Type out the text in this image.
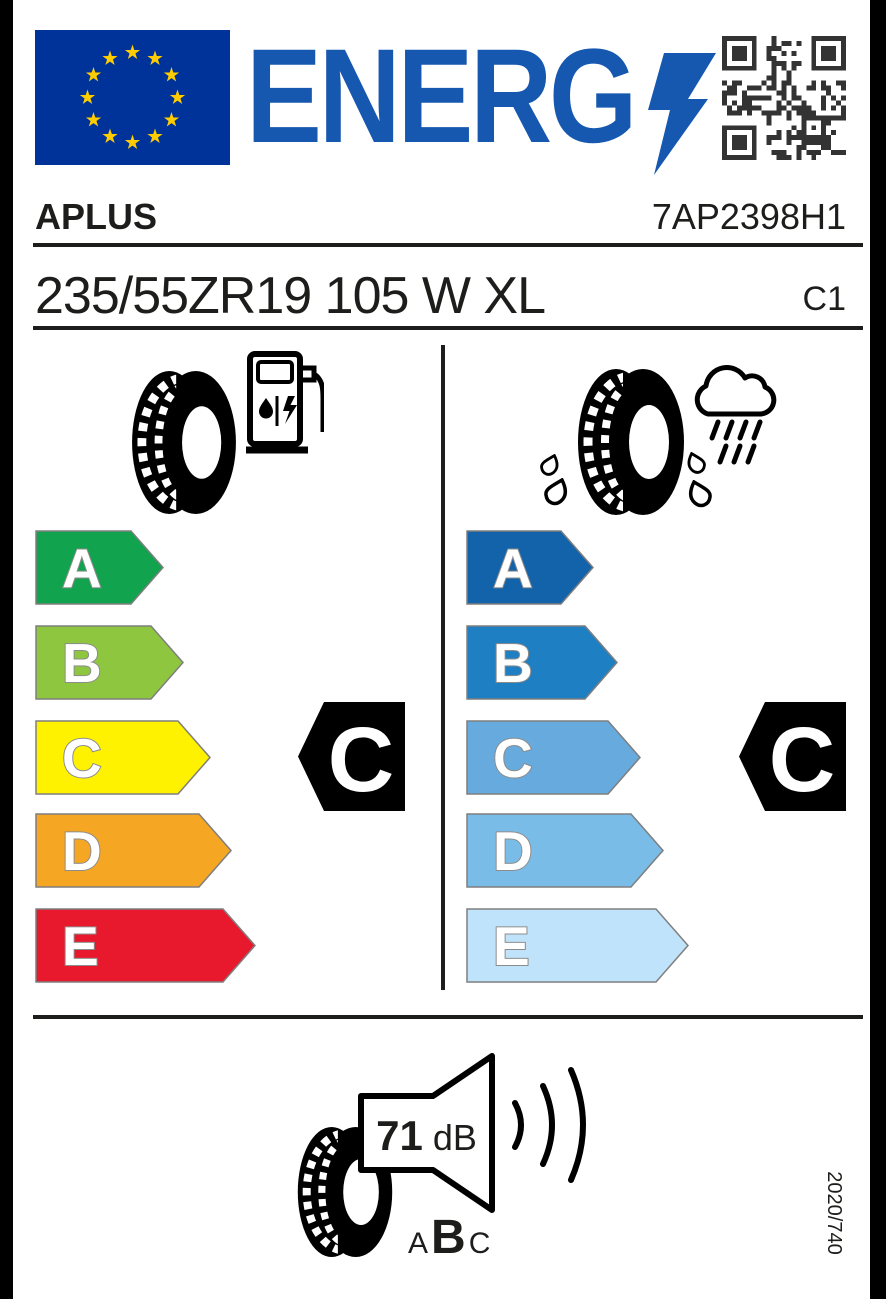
ENERG
APLUS	7AP2398H1
235/55ZR19 105 W XL	C1
A
B
C
D
E
C
A
B
C
D
E
C
71 dB
A B C	2020/740
